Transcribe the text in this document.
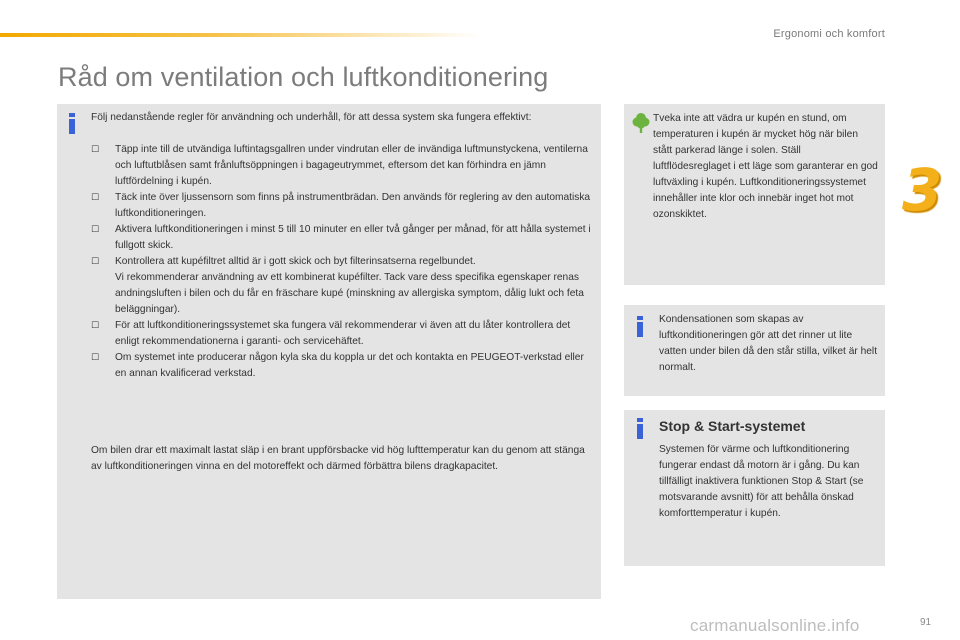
Ergonomi och komfort
3
Råd om ventilation och luftkonditionering
Följ nedanstående regler för användning och underhåll, för att dessa system ska fungera effektivt:
☐ Täpp inte till de utvändiga luftintagsgallren under vindrutan eller de invändiga luftmunstyckena, ventilerna och luftutblåsen samt frånluftsöppningen i bagageutrymmet, eftersom det kan förhindra en jämn luftfördelning i kupén.
☐ Täck inte över ljussensorn som finns på instrumentbrädan. Den används för reglering av den automatiska luftkonditioneringen.
☐ Aktivera luftkonditioneringen i minst 5 till 10 minuter en eller två gånger per månad, för att hålla systemet i fullgott skick.
☐ Kontrollera att kupéfiltret alltid är i gott skick och byt filterinsatserna regelbundet.
Vi rekommenderar användning av ett kombinerat kupéfilter. Tack vare dess specifika egenskaper renas andningsluften i bilen och du får en fräschare kupé (minskning av allergiska symptom, dålig lukt och feta beläggningar).
☐ För att luftkonditioneringssystemet ska fungera väl rekommenderar vi även att du låter kontrollera det enligt rekommendationerna i garanti- och servicehäftet.
☐ Om systemet inte producerar någon kyla ska du koppla ur det och kontakta en PEUGEOT-verkstad eller en annan kvalificerad verkstad.
Om bilen drar ett maximalt lastat släp i en brant uppförsbacke vid hög lufttemperatur kan du genom att stänga av luftkonditioneringen vinna en del motoreffekt och därmed förbättra bilens dragkapacitet.
Tveka inte att vädra ur kupén en stund, om temperaturen i kupén är mycket hög när bilen stått parkerad länge i solen. Ställ luftflödesreglaget i ett läge som garanterar en god luftväxling i kupén. Luftkonditioneringssystemet innehåller inte klor och innebär inget hot mot ozonskiktet.
Kondensationen som skapas av luftkonditioneringen gör att det rinner ut lite vatten under bilen då den står stilla, vilket är helt normalt.
Stop & Start-systemet
Systemen för värme och luftkonditionering fungerar endast då motorn är i gång. Du kan tillfälligt inaktivera funktionen Stop & Start (se motsvarande avsnitt) för att behålla önskad komforttemperatur i kupén.
carmanualsonline.info	91
